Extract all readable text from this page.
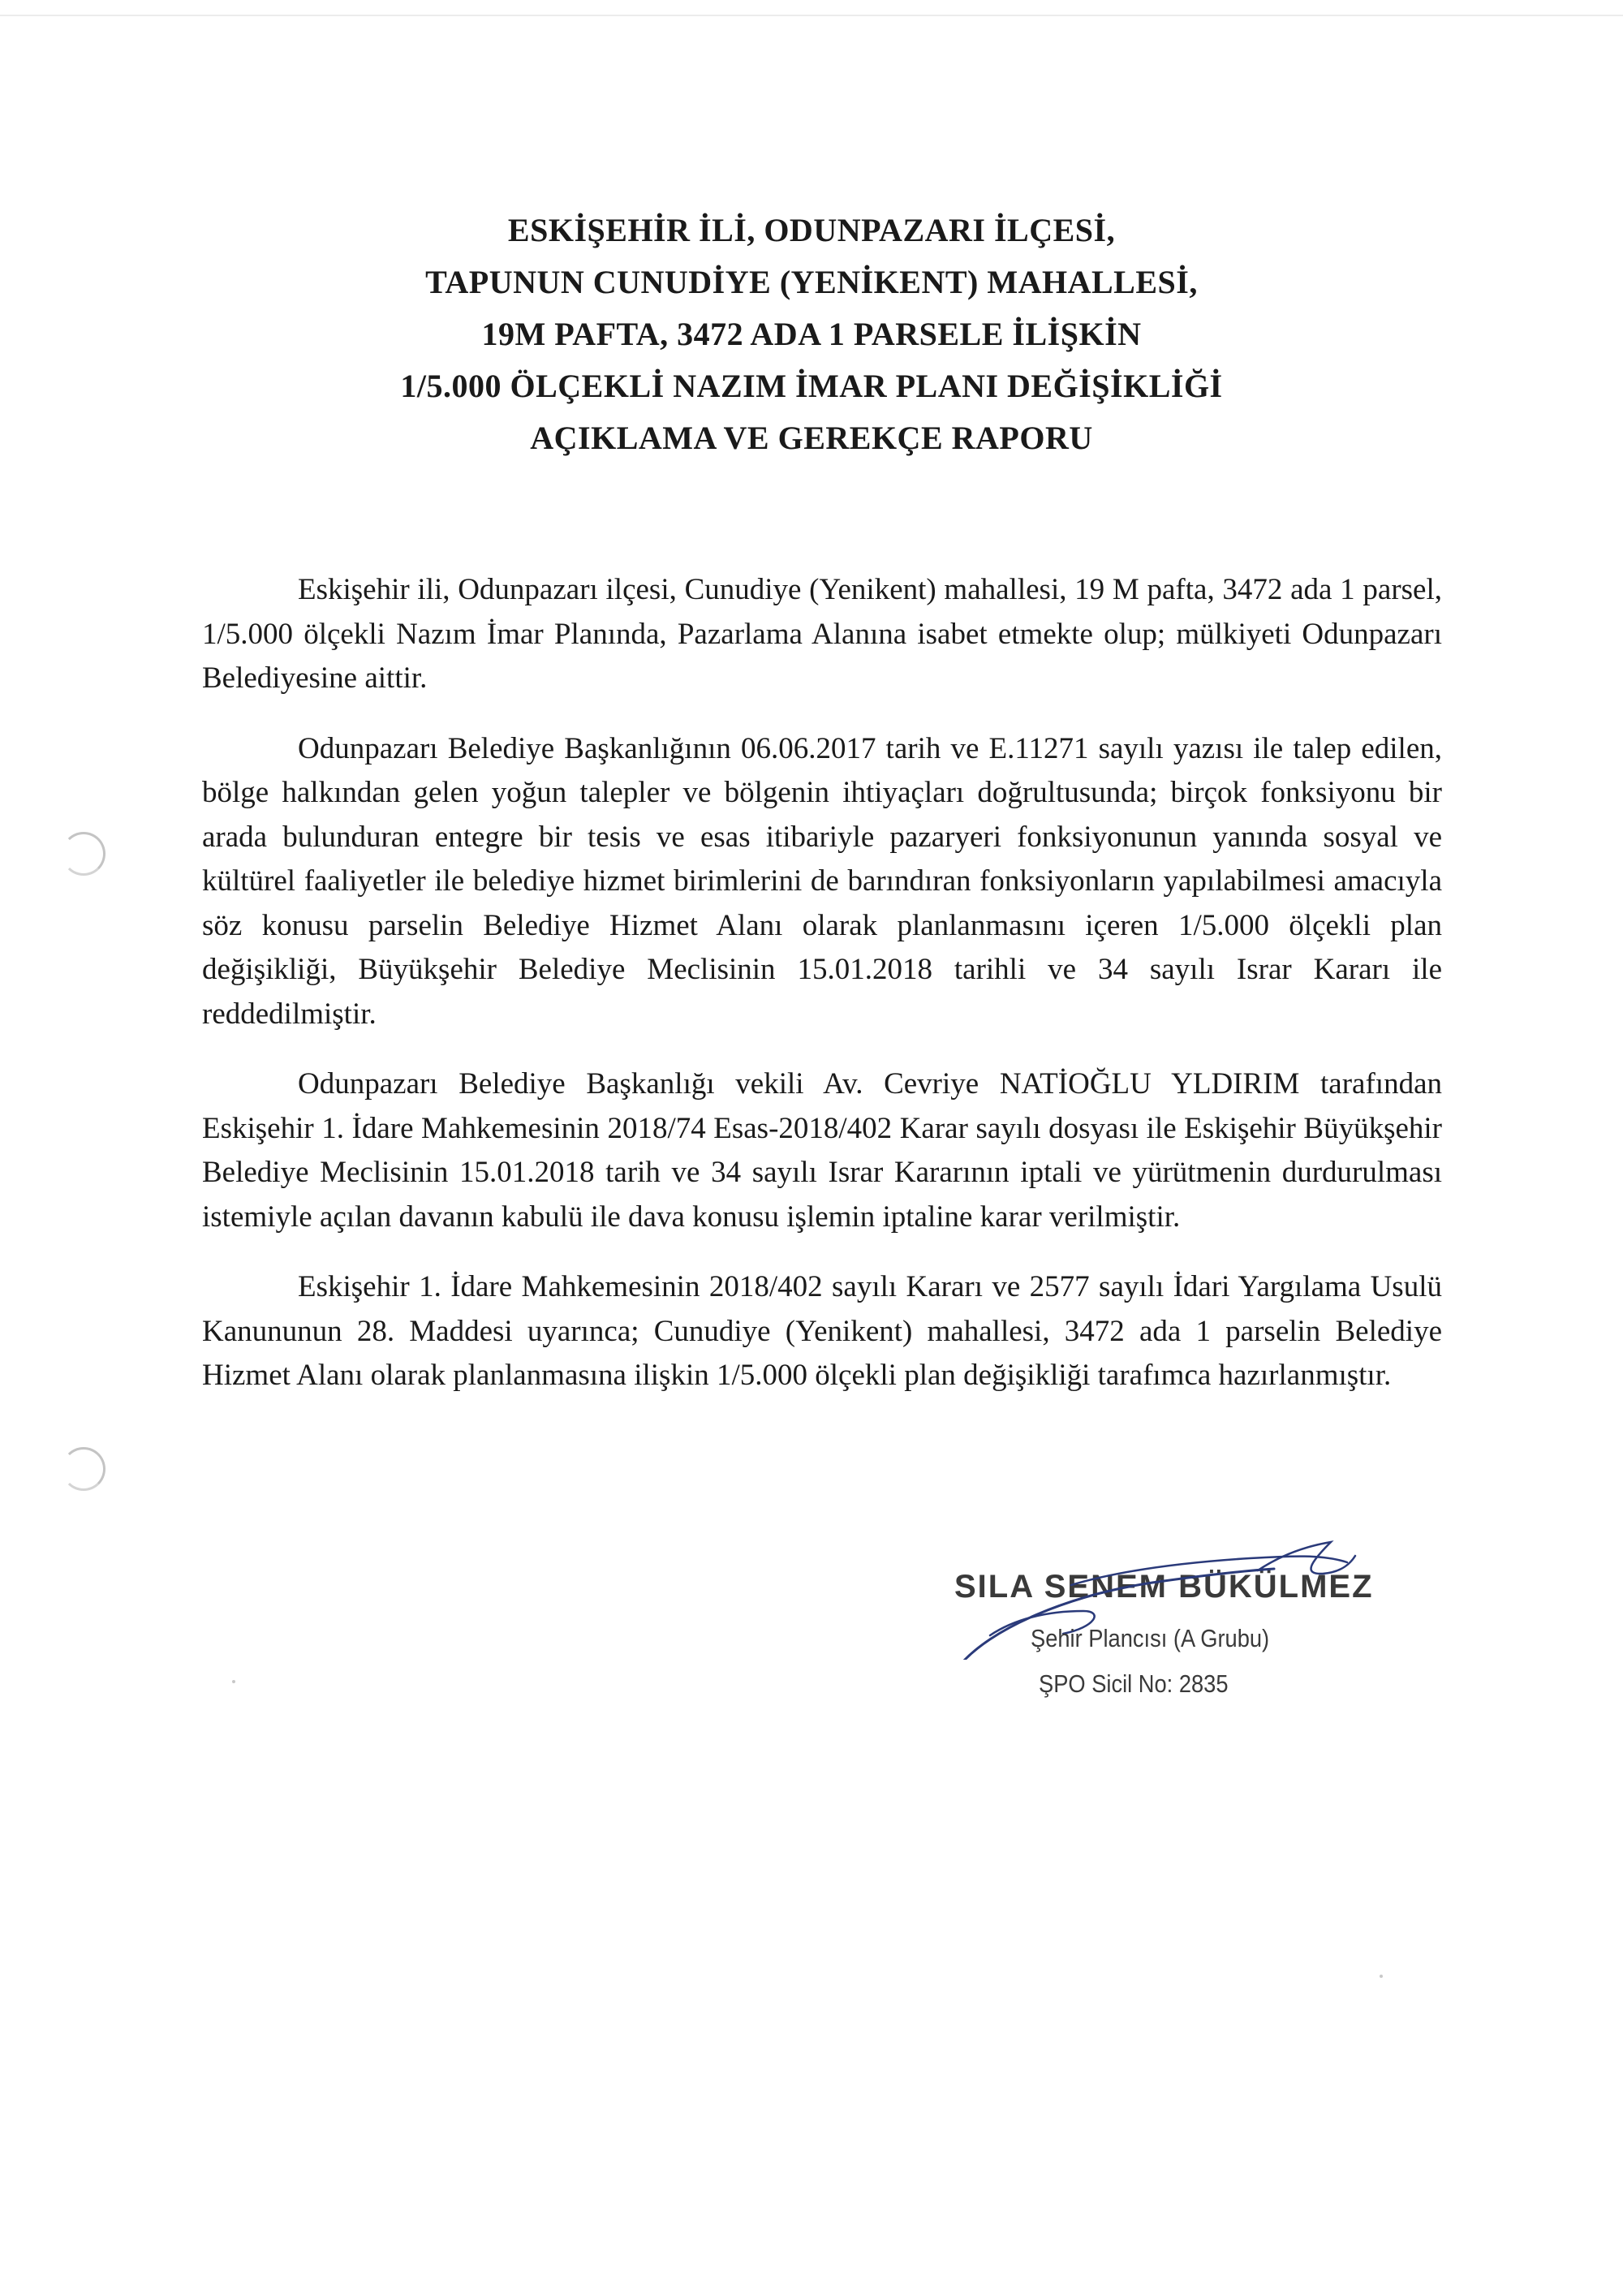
ESKİŞEHİR İLİ, ODUNPAZARI İLÇESİ,
TAPUNUN CUNUDİYE (YENİKENT) MAHALLESİ,
19M PAFTA, 3472 ADA 1 PARSELE İLİŞKİN
1/5.000 ÖLÇEKLİ NAZIM İMAR PLANI DEĞİŞİKLİĞİ
AÇIKLAMA VE GEREKÇE RAPORU

Eskişehir ili, Odunpazarı ilçesi, Cunudiye (Yenikent) mahallesi, 19 M pafta, 3472 ada 1 parsel, 1/5.000 ölçekli Nazım İmar Planında, Pazarlama Alanına isabet etmekte olup; mülkiyeti Odunpazarı Belediyesine aittir.

Odunpazarı Belediye Başkanlığının 06.06.2017 tarih ve E.11271 sayılı yazısı ile talep edilen, bölge halkından gelen yoğun talepler ve bölgenin ihtiyaçları doğrultusunda; birçok fonksiyonu bir arada bulunduran entegre bir tesis ve esas itibariyle pazaryeri fonksiyonunun yanında sosyal ve kültürel faaliyetler ile belediye hizmet birimlerini de barındıran fonksiyonların yapılabilmesi amacıyla söz konusu parselin Belediye Hizmet Alanı olarak planlanmasını içeren 1/5.000 ölçekli plan değişikliği, Büyükşehir Belediye Meclisinin 15.01.2018 tarihli ve 34 sayılı Israr Kararı ile reddedilmiştir.

Odunpazarı Belediye Başkanlığı vekili Av. Cevriye NATİOĞLU YLDIRIM tarafından Eskişehir 1. İdare Mahkemesinin 2018/74 Esas-2018/402 Karar sayılı dosyası ile Eskişehir Büyükşehir Belediye Meclisinin 15.01.2018 tarih ve 34 sayılı Israr Kararının iptali ve yürütmenin durdurulması istemiyle açılan davanın kabulü ile dava konusu işlemin iptaline karar verilmiştir.

Eskişehir 1. İdare Mahkemesinin 2018/402 sayılı Kararı ve 2577 sayılı İdari Yargılama Usulü Kanununun 28. Maddesi uyarınca; Cunudiye (Yenikent) mahallesi, 3472 ada 1 parselin Belediye Hizmet Alanı olarak planlanmasına ilişkin 1/5.000 ölçekli plan değişikliği tarafımca hazırlanmıştır.

SILA SENEM BÜKÜLMEZ
Şehir Plancısı (A Grubu)
ŞPO Sicil No: 2835
